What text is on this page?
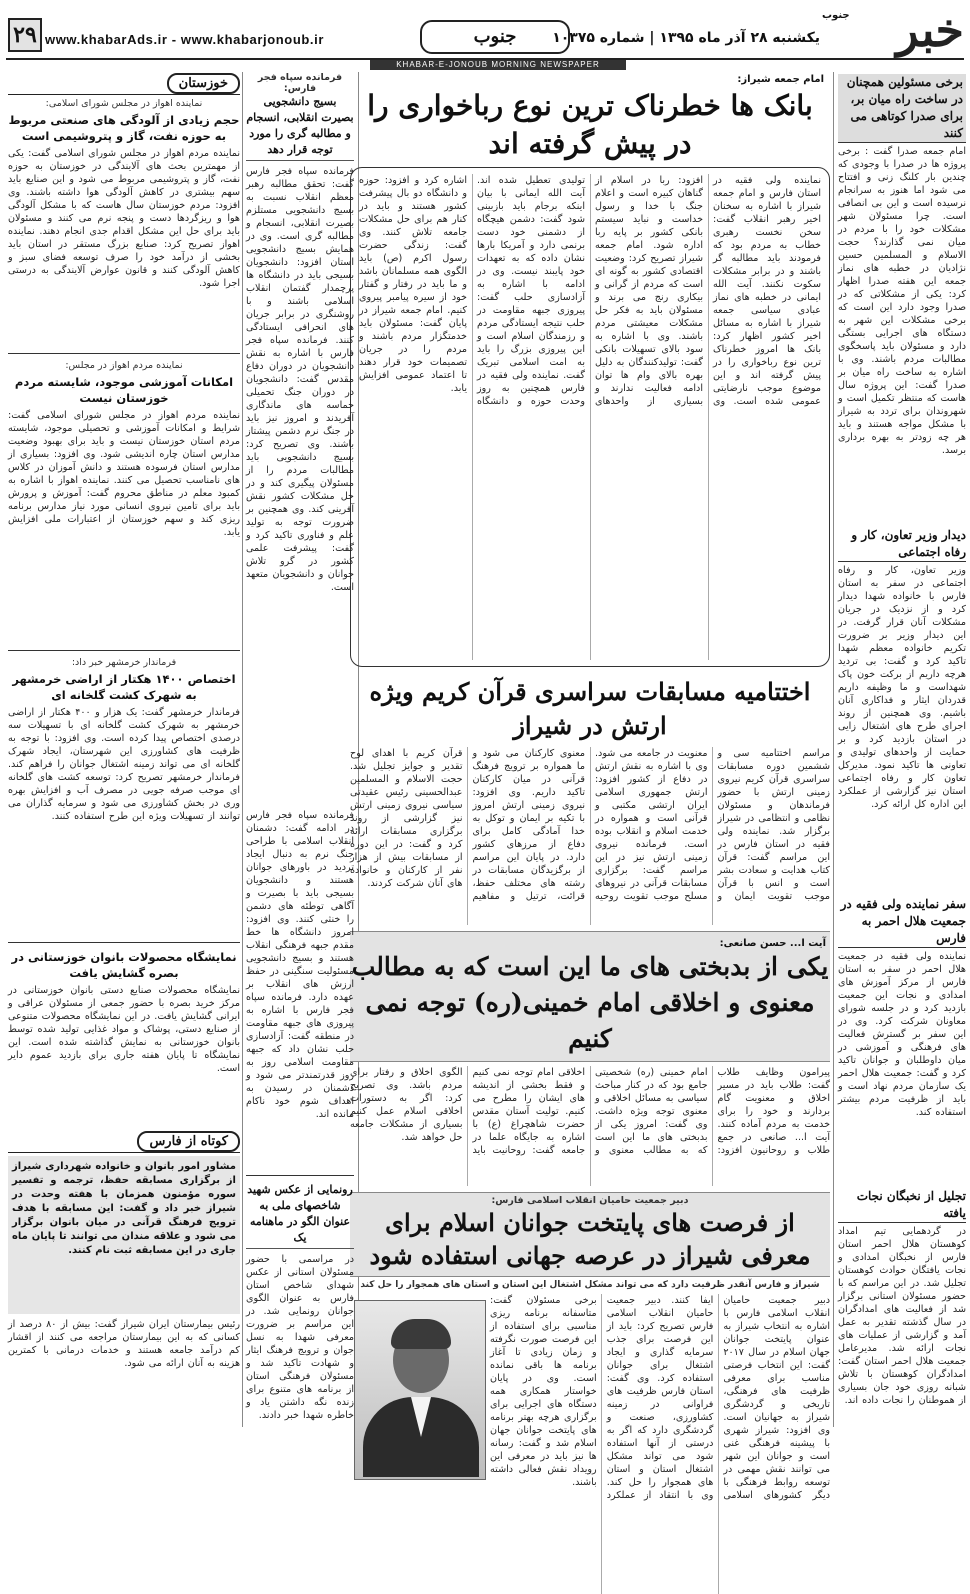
خبر
جنوب
یکشنبه ۲۸ آذر ماه ۱۳۹۵ | شماره ۱۰۳۷۵
جنوب
www.khabarAds.ir - www.khabarjonoub.ir
۲۹
KHABAR-E-JONOUB MORNING NEWSPAPER
برخی مسئولین همچنان در ساخت راه میان بر، برای صدرا کوتاهی می کنند
امام جمعه صدرا گفت : برخی پروژه ها در صدرا با وجودی که چندین بار کلنگ زنی و افتتاح می شود اما هنوز به سرانجام نرسیده است و این بی انصافی است. چرا مسئولان شهر مشکلات خود را با مردم در میان نمی گذارند؟ حجت الاسلام و المسلمین حسین نژادیان در خطبه های نماز جمعه این هفته صدرا اظهار کرد: یکی از مشکلاتی که در صدرا وجود دارد این است که برخی مشکلات این شهر به دستگاه های اجرایی بستگی دارد و مسئولان باید پاسخگوی مطالبات مردم باشند. وی با اشاره به ساخت راه میان بر صدرا گفت: این پروژه سال هاست که منتظر تکمیل است و شهروندان برای تردد به شیراز با مشکل مواجه هستند و باید هر چه زودتر به بهره برداری برسد.
دیدار وزیر تعاون، کار و رفاه اجتماعی
وزیر تعاون، کار و رفاه اجتماعی در سفر به استان فارس با خانواده شهدا دیدار کرد و از نزدیک در جریان مشکلات آنان قرار گرفت. در این دیدار وزیر بر ضرورت تکریم خانواده معظم شهدا تاکید کرد و گفت: بی تردید هرچه داریم از برکت خون پاک شهداست و ما وظیفه داریم قدردان ایثار و فداکاری آنان باشیم. وی همچنین از روند اجرای طرح های اشتغال زایی در استان بازدید کرد و بر حمایت از واحدهای تولیدی و تعاونی ها تاکید نمود. مدیرکل تعاون کار و رفاه اجتماعی استان نیز گزارشی از عملکرد این اداره کل ارائه کرد.
سفر نماینده ولی فقیه در جمعیت هلال احمر به فارس
نماینده ولی فقیه در جمعیت هلال احمر در سفر به استان فارس از مرکز آموزش های امدادی و نجات این جمعیت بازدید کرد و در جلسه شورای معاونان شرکت کرد. وی در این سفر بر گسترش فعالیت های فرهنگی و آموزشی در میان داوطلبان و جوانان تاکید کرد و گفت: جمعیت هلال احمر یک سازمان مردم نهاد است و باید از ظرفیت مردم بیشتر استفاده کند.
تجلیل از نخبگان نجات یافته
در گردهمایی تیم امداد کوهستان هلال احمر استان فارس از نخبگان امدادی و نجات یافتگان حوادث کوهستان تجلیل شد. در این مراسم که با حضور مسئولان استانی برگزار شد از فعالیت های امدادگران در سال گذشته تقدیر به عمل آمد و گزارشی از عملیات های نجات ارائه شد. مدیرعامل جمعیت هلال احمر استان گفت: امدادگران کوهستان با تلاش شبانه روزی خود جان بسیاری از هموطنان را نجات داده اند.
امام جمعه شیراز:
بانک ها خطرناک ترین نوع رباخواری را در پیش گرفته اند
نماینده ولی فقیه در استان فارس و امام جمعه شیراز با اشاره به سخنان اخیر رهبر انقلاب گفت: سخن نخست رهبری خطاب به مردم بود که فرمودند باید مطالبه گر باشند و در برابر مشکلات سکوت نکنند. آیت الله ایمانی در خطبه های نماز عبادی سیاسی جمعه شیراز با اشاره به مسائل اخیر کشور اظهار کرد: بانک ها امروز خطرناک ترین نوع رباخواری را در پیش گرفته اند و این موضوع موجب نارضایتی عمومی شده است. وی افزود: ربا در اسلام از گناهان کبیره است و اعلام جنگ با خدا و رسول خداست و نباید سیستم بانکی کشور بر پایه ربا اداره شود. امام جمعه شیراز تصریح کرد: وضعیت اقتصادی کشور به گونه ای است که مردم از گرانی و بیکاری رنج می برند و مسئولان باید به فکر حل مشکلات معیشتی مردم باشند. وی با اشاره به سود بالای تسهیلات بانکی گفت: تولیدکنندگان به دلیل بهره بالای وام ها توان ادامه فعالیت ندارند و بسیاری از واحدهای تولیدی تعطیل شده اند. آیت الله ایمانی با بیان اینکه برجام باید بازبینی شود گفت: دشمن هیچگاه از دشمنی خود دست برنمی دارد و آمریکا بارها نشان داده که به تعهدات خود پایبند نیست. وی در ادامه با اشاره به آزادسازی حلب گفت: پیروزی جبهه مقاومت در حلب نتیجه ایستادگی مردم و رزمندگان اسلام است و این پیروزی بزرگ را باید به امت اسلامی تبریک گفت. نماینده ولی فقیه در فارس همچنین به روز وحدت حوزه و دانشگاه اشاره کرد و افزود: حوزه و دانشگاه دو بال پیشرفت کشور هستند و باید در کنار هم برای حل مشکلات جامعه تلاش کنند. وی گفت: زندگی حضرت رسول اکرم (ص) باید الگوی همه مسلمانان باشد و ما باید در رفتار و گفتار خود از سیره پیامبر پیروی کنیم. امام جمعه شیراز در پایان گفت: مسئولان باید خدمتگزار مردم باشند و مردم را در جریان تصمیمات خود قرار دهند تا اعتماد عمومی افزایش یابد.
اختتامیه مسابقات سراسری قرآن کریم ویژه ارتش در شیراز
مراسم اختتامیه سی و ششمین دوره مسابقات سراسری قرآن کریم نیروی زمینی ارتش با حضور فرماندهان و مسئولان نظامی و انتظامی در شیراز برگزار شد. نماینده ولی فقیه در استان فارس در این مراسم گفت: قرآن کتاب هدایت و سعادت بشر است و انس با قرآن موجب تقویت ایمان و معنویت در جامعه می شود. وی با اشاره به نقش ارتش در دفاع از کشور افزود: ارتش جمهوری اسلامی ایران ارتشی مکتبی و قرآنی است و همواره در خدمت اسلام و انقلاب بوده است. فرمانده نیروی زمینی ارتش نیز در این مراسم گفت: برگزاری مسابقات قرآنی در نیروهای مسلح موجب تقویت روحیه معنوی کارکنان می شود و ما همواره بر ترویج فرهنگ قرآنی در میان کارکنان تاکید داریم. وی افزود: نیروی زمینی ارتش امروز با تکیه بر ایمان و توکل به خدا آمادگی کامل برای دفاع از مرزهای کشور دارد. در پایان این مراسم از برگزیدگان مسابقات در رشته های مختلف حفظ، قرائت، ترتیل و مفاهیم قرآن کریم با اهدای لوح تقدیر و جوایز تجلیل شد. حجت الاسلام و المسلمین عبدالحسینی رئیس عقیدتی سیاسی نیروی زمینی ارتش نیز گزارشی از روند برگزاری مسابقات ارائه کرد و گفت: در این دوره از مسابقات بیش از هزار نفر از کارکنان و خانواده های آنان شرکت کردند.
آیت ا... حسن صانعی:
یکی از بدبختی های ما این است که به مطالب معنوی و اخلاقی امام خمینی(ره) توجه نمی کنیم
پیرامون وظایف طلاب گفت: طلاب باید در مسیر اخلاق و معنویت گام بردارند و خود را برای خدمت به مردم آماده کنند. آیت ا... صانعی در جمع طلاب و روحانیون افزود: امام خمینی (ره) شخصیتی جامع بود که در کنار مباحث سیاسی به مسائل اخلاقی و معنوی توجه ویژه داشت. وی گفت: امروز یکی از بدبختی های ما این است که به مطالب معنوی و اخلاقی امام توجه نمی کنیم و فقط بخشی از اندیشه های ایشان را مطرح می کنیم. تولیت آستان مقدس حضرت شاهچراغ (ع) با اشاره به جایگاه علما در جامعه گفت: روحانیت باید الگوی اخلاق و رفتار برای مردم باشد. وی تصریح کرد: اگر به دستورات اخلاقی اسلام عمل کنیم بسیاری از مشکلات جامعه حل خواهد شد.
دبیر جمعیت حامیان انقلاب اسلامی فارس:
از فرصت های پایتخت جوانان اسلام برای معرفی شیراز در عرصه جهانی استفاده شود
شیراز و فارس آنقدر ظرفیت دارد که می تواند مشکل اشتغال این استان و استان های همجوار را حل کند
دبیر جمعیت حامیان انقلاب اسلامی فارس با اشاره به انتخاب شیراز به عنوان پایتخت جوانان جهان اسلام در سال ۲۰۱۷ گفت: این انتخاب فرصتی مناسب برای معرفی ظرفیت های فرهنگی، تاریخی و گردشگری شیراز به جهانیان است. وی افزود: شیراز شهری با پیشینه فرهنگی غنی است و جوانان این شهر می توانند نقش مهمی در توسعه روابط فرهنگی با دیگر کشورهای اسلامی ایفا کنند. دبیر جمعیت حامیان انقلاب اسلامی فارس تصریح کرد: باید از این فرصت برای جذب سرمایه گذاری و ایجاد اشتغال برای جوانان استفاده کرد. وی گفت: استان فارس ظرفیت های فراوانی در زمینه کشاورزی، صنعت و گردشگری دارد که اگر به درستی از آنها استفاده شود می تواند مشکل اشتغال استان و استان های همجوار را حل کند. وی با انتقاد از عملکرد برخی مسئولان گفت: متاسفانه برنامه ریزی مناسبی برای استفاده از این فرصت صورت نگرفته و زمان زیادی تا آغاز برنامه ها باقی نمانده است. وی در پایان خواستار همکاری همه دستگاه های اجرایی برای برگزاری هرچه بهتر برنامه های پایتخت جوانان جهان اسلام شد و گفت: رسانه ها نیز باید در معرفی این رویداد نقش فعالی داشته باشند.
فرمانده سپاه فجر فارس:
بسیج دانشجویی بصیرت انقلابی، انسجام و مطالبه گری را مورد توجه قرار دهد
فرمانده سپاه فجر فارس گفت: تحقق مطالبه رهبر معظم انقلاب نسبت به بسیج دانشجویی مستلزم بصیرت انقلابی، انسجام و مطالبه گری است. وی در همایش بسیج دانشجویی استان افزود: دانشجویان بسیجی باید در دانشگاه ها پرچمدار گفتمان انقلاب اسلامی باشند و با روشنگری در برابر جریان های انحرافی ایستادگی کنند. فرمانده سپاه فجر فارس با اشاره به نقش دانشجویان در دوران دفاع مقدس گفت: دانشجویان در دوران جنگ تحمیلی حماسه های ماندگاری آفریدند و امروز نیز باید در جنگ نرم دشمن پیشتاز باشند. وی تصریح کرد: بسیج دانشجویی باید مطالبات مردم را از مسئولان پیگیری کند و در حل مشکلات کشور نقش آفرینی کند. وی همچنین بر ضرورت توجه به تولید علم و فناوری تاکید کرد و گفت: پیشرفت علمی کشور در گرو تلاش جوانان و دانشجویان متعهد است.
فرمانده سپاه فجر فارس در ادامه گفت: دشمنان انقلاب اسلامی با طراحی جنگ نرم به دنبال ایجاد تردید در باورهای جوانان هستند و دانشجویان بسیجی باید با بصیرت و آگاهی توطئه های دشمن را خنثی کنند. وی افزود: امروز دانشگاه ها خط مقدم جبهه فرهنگی انقلاب هستند و بسیج دانشجویی مسئولیت سنگینی در حفظ ارزش های انقلاب بر عهده دارد. فرمانده سپاه فجر فارس با اشاره به پیروزی های جبهه مقاومت در منطقه گفت: آزادسازی حلب نشان داد که جبهه مقاومت اسلامی روز به روز قدرتمندتر می شود و دشمنان در رسیدن به اهداف شوم خود ناکام مانده اند.
رونمایی از عکس شهید شاخصهای ملی به عنوان الگو در ماهنامه یک
در مراسمی با حضور مسئولان استانی از عکس شهدای شاخص استان فارس به عنوان الگوی جوانان رونمایی شد. در این مراسم بر ضرورت معرفی شهدا به نسل جوان و ترویج فرهنگ ایثار و شهادت تاکید شد و مسئولان فرهنگی استان از برنامه های متنوع برای زنده نگه داشتن یاد و خاطره شهدا خبر دادند.
خوزستان
نماینده اهواز در مجلس شورای اسلامی:
حجم زیادی از آلودگی های صنعتی مربوط به حوزه نفت، گاز و پتروشیمی است
نماینده مردم اهواز در مجلس شورای اسلامی گفت: یکی از مهمترین بحث های آلایندگی در خوزستان به حوزه نفت، گاز و پتروشیمی مربوط می شود و این صنایع باید سهم بیشتری در کاهش آلودگی هوا داشته باشند. وی افزود: مردم خوزستان سال هاست که با مشکل آلودگی هوا و ریزگردها دست و پنجه نرم می کنند و مسئولان باید برای حل این مشکل اقدام جدی انجام دهند. نماینده اهواز تصریح کرد: صنایع بزرگ مستقر در استان باید بخشی از درآمد خود را صرف توسعه فضای سبز و کاهش آلودگی کنند و قانون عوارض آلایندگی به درستی اجرا شود.
نماینده مردم اهواز در مجلس:
امکانات آموزشی موجود، شایسته مردم خوزستان نیست
نماینده مردم اهواز در مجلس شورای اسلامی گفت: شرایط و امکانات آموزشی و تحصیلی موجود، شایسته مردم استان خوزستان نیست و باید برای بهبود وضعیت مدارس استان چاره اندیشی شود. وی افزود: بسیاری از مدارس استان فرسوده هستند و دانش آموزان در کلاس های نامناسب تحصیل می کنند. نماینده اهواز با اشاره به کمبود معلم در مناطق محروم گفت: آموزش و پرورش باید برای تامین نیروی انسانی مورد نیاز مدارس برنامه ریزی کند و سهم خوزستان از اعتبارات ملی افزایش یابد.
فرماندار خرمشهر خبر داد:
اختصاص ۱۴۰۰ هکتار از اراضی خرمشهر به شهرک کشت گلخانه ای
فرماندار خرمشهر گفت: یک هزار و ۴۰۰ هکتار از اراضی خرمشهر به شهرک کشت گلخانه ای با تسهیلات سه درصدی اختصاص پیدا کرده است. وی افزود: با توجه به ظرفیت های کشاورزی این شهرستان، ایجاد شهرک گلخانه ای می تواند زمینه اشتغال جوانان را فراهم کند. فرماندار خرمشهر تصریح کرد: توسعه کشت های گلخانه ای موجب صرفه جویی در مصرف آب و افزایش بهره وری در بخش کشاورزی می شود و سرمایه گذاران می توانند از تسهیلات ویژه این طرح استفاده کنند.
نمایشگاه محصولات بانوان خوزستانی در بصره گشایش یافت
نمایشگاه محصولات صنایع دستی بانوان خوزستانی در مرکز خرید بصره با حضور جمعی از مسئولان عراقی و ایرانی گشایش یافت. در این نمایشگاه محصولات متنوعی از صنایع دستی، پوشاک و مواد غذایی تولید شده توسط بانوان خوزستانی به نمایش گذاشته شده است. این نمایشگاه تا پایان هفته جاری برای بازدید عموم دایر است.
کوتاه از فارس
مشاور امور بانوان و خانواده شهرداری شیراز از برگزاری مسابقه حفظ، ترجمه و تفسیر سوره مؤمنون همزمان با هفته وحدت در شیراز خبر داد و گفت: این مسابقه با هدف ترویج فرهنگ قرآنی در میان بانوان برگزار می شود و علاقه مندان می توانند تا پایان ماه جاری در این مسابقه ثبت نام کنند.
رئیس بیمارستان ایران شیراز گفت: بیش از ۸۰ درصد از کسانی که به این بیمارستان مراجعه می کنند از اقشار کم درآمد جامعه هستند و خدمات درمانی با کمترین هزینه به آنان ارائه می شود.
